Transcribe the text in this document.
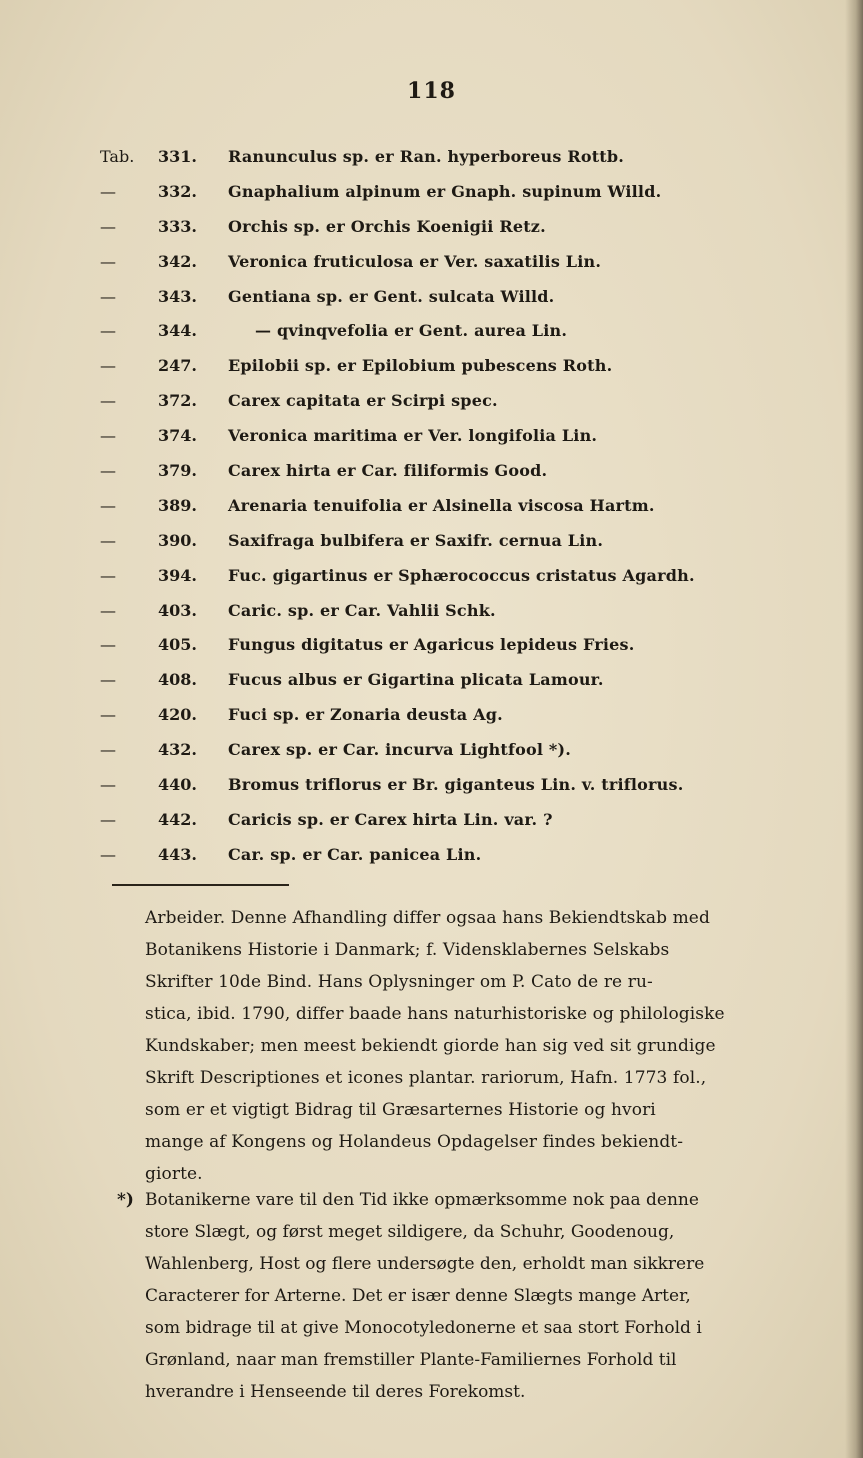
118
Tab.	331.	Ranunculus sp. er Ran. hyperboreus Rottb.
—	332.	Gnaphalium alpinum er Gnaph. supinum Willd.
—	333.	Orchis sp. er Orchis Koenigii Retz.
—	342.	Veronica fruticulosa er Ver. saxatilis Lin.
—	343.	Gentiana sp. er Gent. sulcata Willd.
—	344.	— qvinqvefolia er Gent. aurea Lin.
—	247.	Epilobii sp. er Epilobium pubescens Roth.
—	372.	Carex capitata er Scirpi spec.
—	374.	Veronica maritima er Ver. longifolia Lin.
—	379.	Carex hirta er Car. filiformis Good.
—	389.	Arenaria tenuifolia er Alsinella viscosa Hartm.
—	390.	Saxifraga bulbifera er Saxifr. cernua Lin.
—	394.	Fuc. gigartinus er Sphærococcus cristatus Agardh.
—	403.	Caric. sp. er Car. Vahlii Schk.
—	405.	Fungus digitatus er Agaricus lepideus Fries.
—	408.	Fucus albus er Gigartina plicata Lamour.
—	420.	Fuci sp. er Zonaria deusta Ag.
—	432.	Carex sp. er Car. incurva Lightfool *).
—	440.	Bromus triflorus er Br. giganteus Lin. v. triflorus.
—	442.	Caricis sp. er Carex hirta Lin. var. ?
—	443.	Car. sp. er Car. panicea Lin.

Arbeider. Denne Afhandling differ ogsaa hans Bekiendtskab med

Botanikens Historie i Danmark; f. Vidensklabernes Selskabs

Skrifter 10de Bind. Hans Oplysninger om P. Cato de re ru-

stica, ibid. 1790, differ baade hans naturhistoriske og philologiske

Kundskaber; men meest bekiendt giorde han sig ved sit grundige

Skrift Descriptiones et icones plantar. rariorum, Hafn. 1773 fol.,

som er et vigtigt Bidrag til Græsarternes Historie og hvori

mange af Kongens og Holandeus Opdagelser findes bekiendt-

giorte.

*) Botanikerne vare til den Tid ikke opmærksomme nok paa denne

store Slægt, og først meget sildigere, da Schuhr, Goodenoug,

Wahlenberg, Host og flere undersøgte den, erholdt man sikkrere

Caracterer for Arterne. Det er især denne Slægts mange Arter,

som bidrage til at give Monocotyledonerne et saa stort Forhold i

Grønland, naar man fremstiller Plante-Familiernes Forhold til

hverandre i Henseende til deres Forekomst.
